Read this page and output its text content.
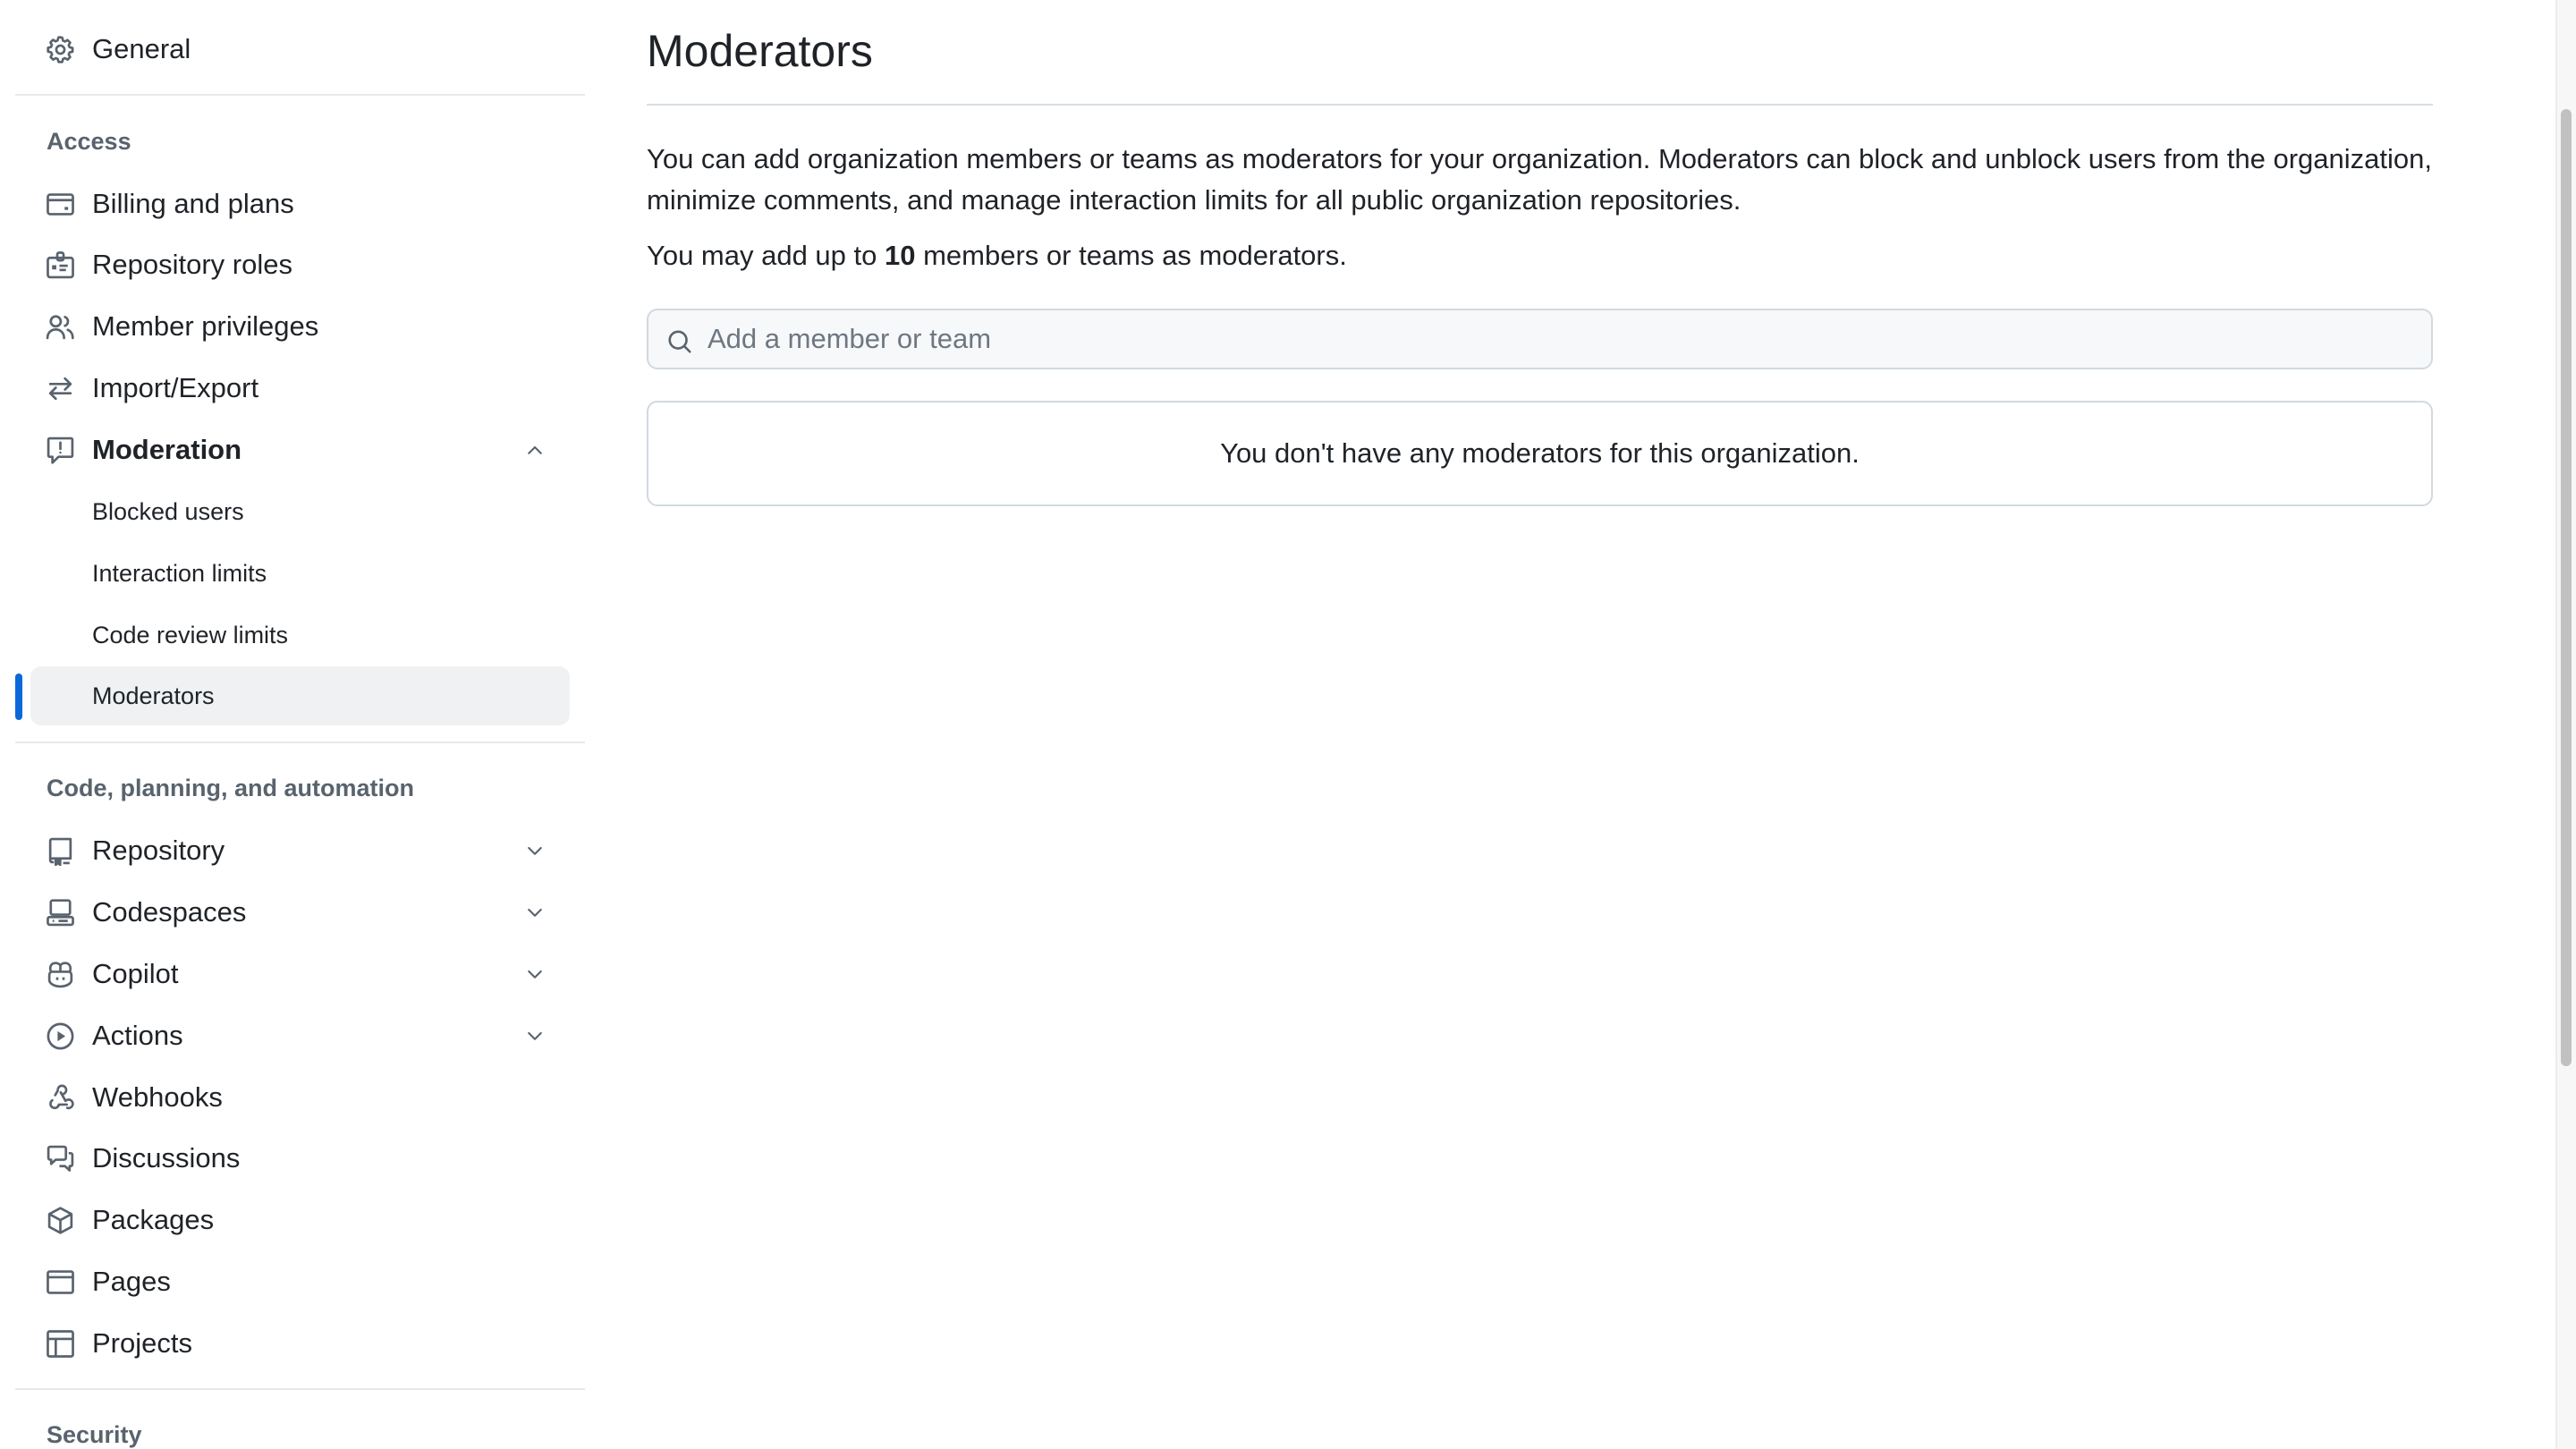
General
Access
Billing and plans
Repository roles
Member privileges
Import/Export
Moderation
Blocked users
Interaction limits
Code review limits
Moderators
Code, planning, and automation
Repository
Codespaces
Copilot
Actions
Webhooks
Discussions
Packages
Pages
Projects
Security
Moderators

You can add organization members or teams as moderators for your organization. Moderators can block and unblock users from the organization, minimize comments, and manage interaction limits for all public organization repositories.

You may add up to 10 members or teams as moderators.

Add a member or team
You don't have any moderators for this organization.
